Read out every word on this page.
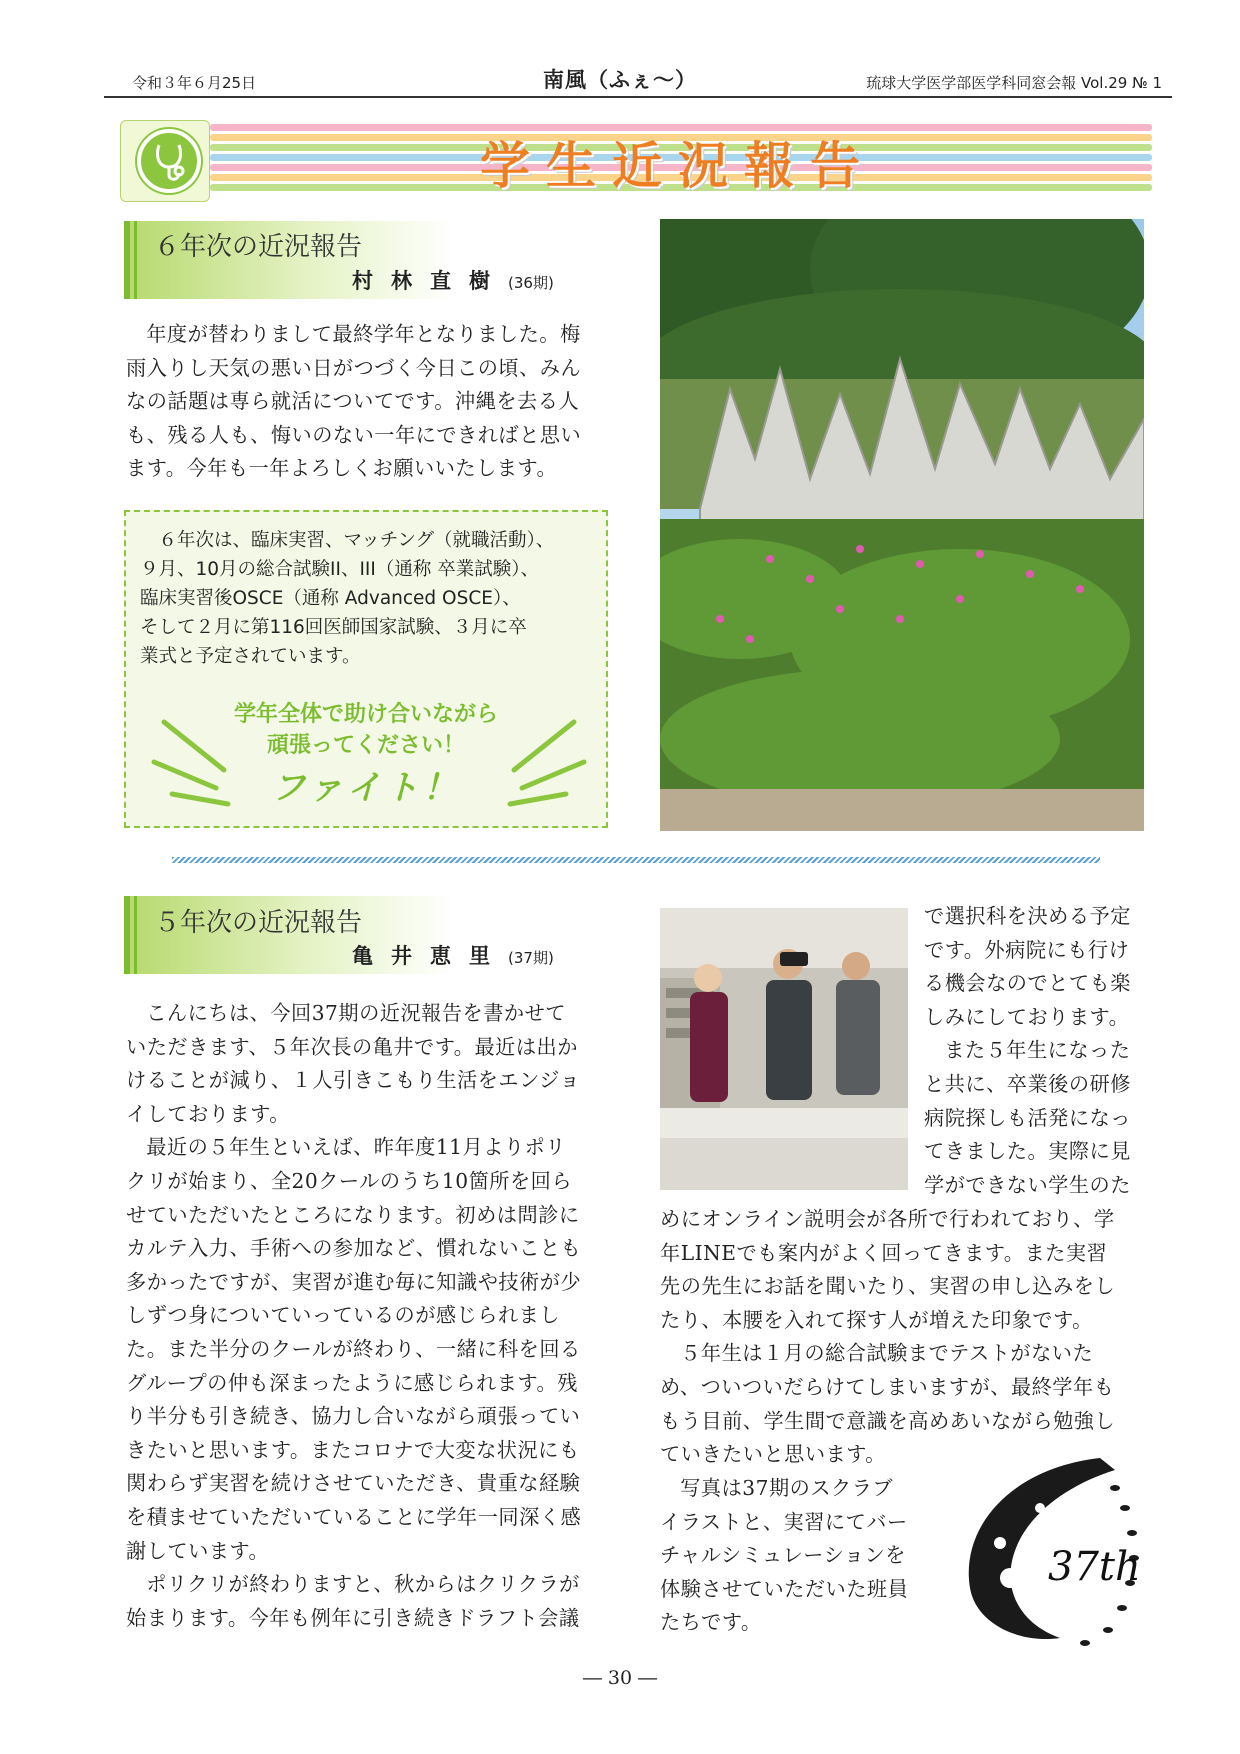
令和３年６月25日	南風（ふぇ〜）	琉球大学医学部医学科同窓会報 Vol.29 № 1
学生近況報告
６年次の近況報告
村林直樹(36期)
年度が替わりまして最終学年となりました。梅
雨入りし天気の悪い日がつづく今日この頃、みん
なの話題は専ら就活についてです。沖縄を去る人
も、残る人も、悔いのない一年にできればと思い
ます。今年も一年よろしくお願いいたします。
６年次は、臨床実習、マッチング（就職活動）、
９月、10月の総合試験II、III（通称 卒業試験）、
臨床実習後OSCE（通称 Advanced OSCE）、
そして２月に第116回医師国家試験、３月に卒
業式と予定されています。
学年全体で助け合いながら
頑張ってください！
ファイト！
５年次の近況報告
亀井恵里(37期)
こんにちは、今回37期の近況報告を書かせて
いただきます、５年次長の亀井です。最近は出か
けることが減り、１人引きこもり生活をエンジョ
イしております。
最近の５年生といえば、昨年度11月よりポリ
クリが始まり、全20クールのうち10箇所を回ら
せていただいたところになります。初めは問診に
カルテ入力、手術への参加など、慣れないことも
多かったですが、実習が進む毎に知識や技術が少
しずつ身についていっているのが感じられまし
た。また半分のクールが終わり、一緒に科を回る
グループの仲も深まったように感じられます。残
り半分も引き続き、協力し合いながら頑張ってい
きたいと思います。またコロナで大変な状況にも
関わらず実習を続けさせていただき、貴重な経験
を積ませていただいていることに学年一同深く感
謝しています。
ポリクリが終わりますと、秋からはクリクラが
始まります。今年も例年に引き続きドラフト会議
で選択科を決める予定
です。外病院にも行け
る機会なのでとても楽
しみにしております。
また５年生になった
と共に、卒業後の研修
病院探しも活発になっ
てきました。実際に見
学ができない学生のた
めにオンライン説明会が各所で行われており、学
年LINEでも案内がよく回ってきます。また実習
先の先生にお話を聞いたり、実習の申し込みをし
たり、本腰を入れて探す人が増えた印象です。
５年生は１月の総合試験までテストがないた
め、ついついだらけてしまいますが、最終学年も
もう目前、学生間で意識を高めあいながら勉強し
ていきたいと思います。
写真は37期のスクラブ
イラストと、実習にてバー
チャルシミュレーションを
体験させていただいた班員
たちです。
37th
― 30 ―
